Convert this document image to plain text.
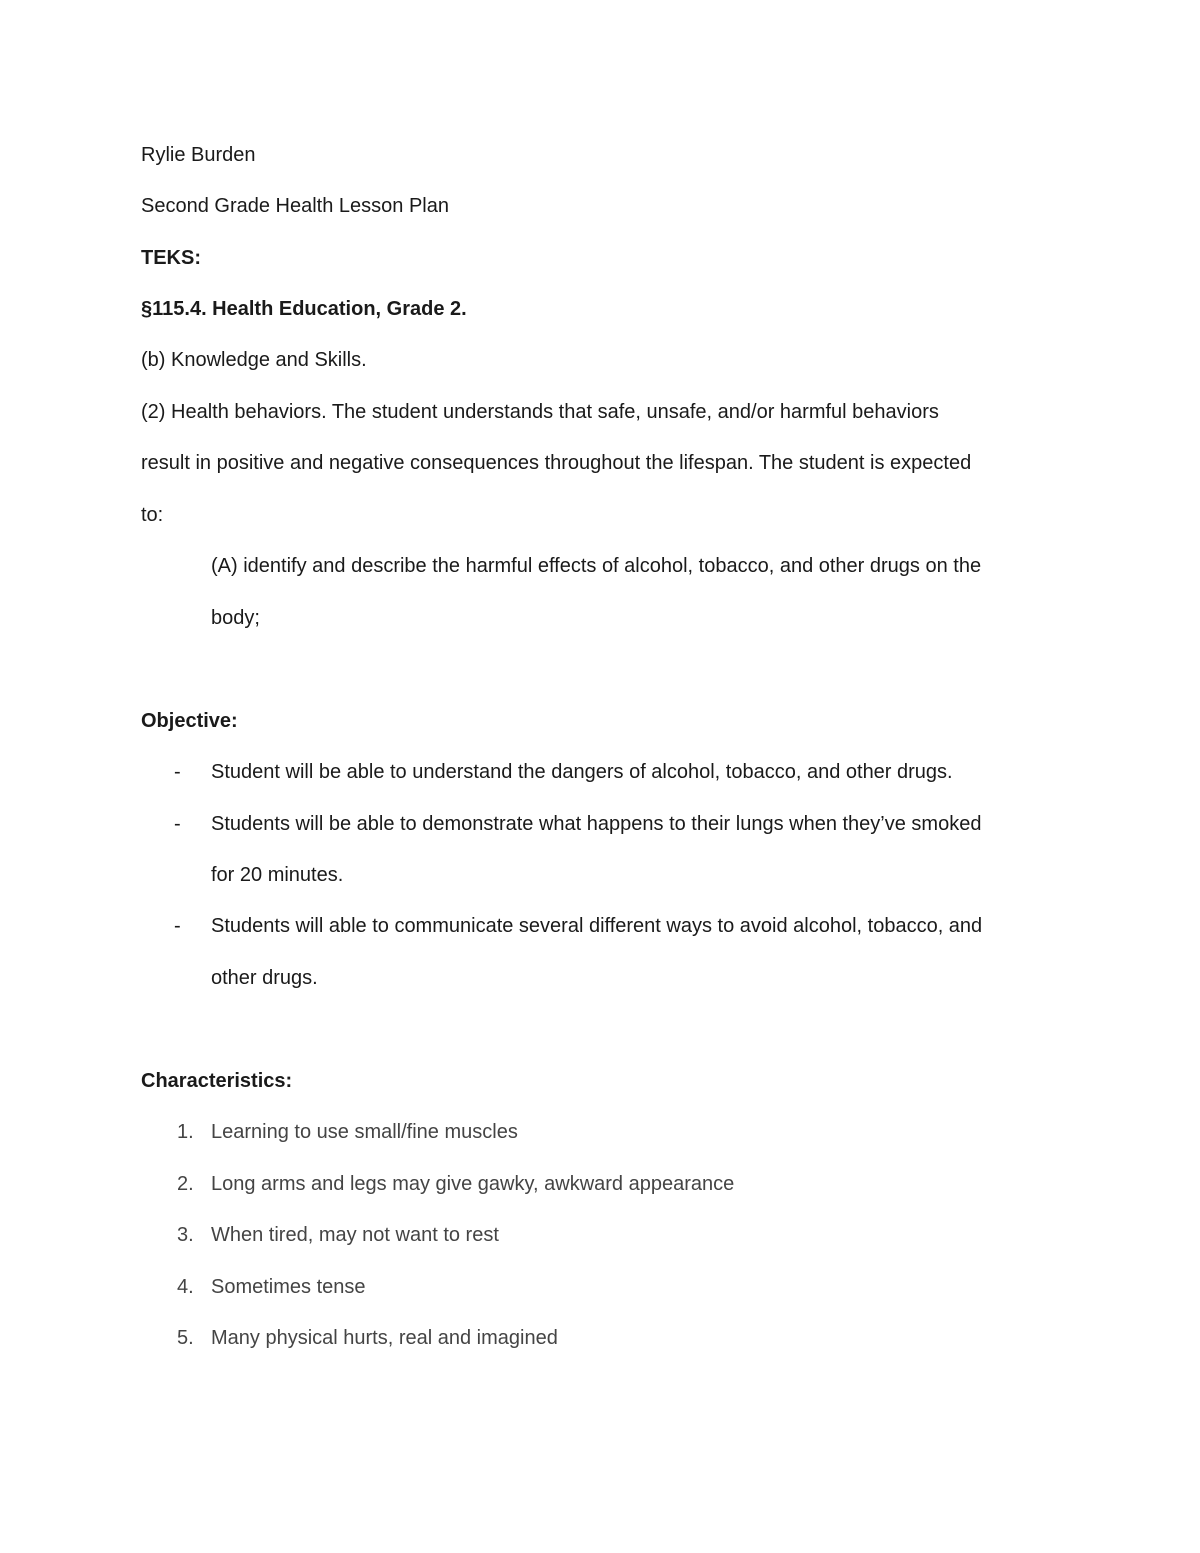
Rylie Burden
Second Grade Health Lesson Plan
TEKS:
§115.4. Health Education, Grade 2.
(b) Knowledge and Skills.
(2) Health behaviors. The student understands that safe, unsafe, and/or harmful behaviors
result in positive and negative consequences throughout the lifespan. The student is expected
to:
(A) identify and describe the harmful effects of alcohol, tobacco, and other drugs on the
body;
Objective:
- Student will be able to understand the dangers of alcohol, tobacco, and other drugs.
- Students will be able to demonstrate what happens to their lungs when they’ve smoked
for 20 minutes.
- Students will able to communicate several different ways to avoid alcohol, tobacco, and
other drugs.
Characteristics:
1. Learning to use small/fine muscles
2. Long arms and legs may give gawky, awkward appearance
3. When tired, may not want to rest
4. Sometimes tense
5. Many physical hurts, real and imagined
